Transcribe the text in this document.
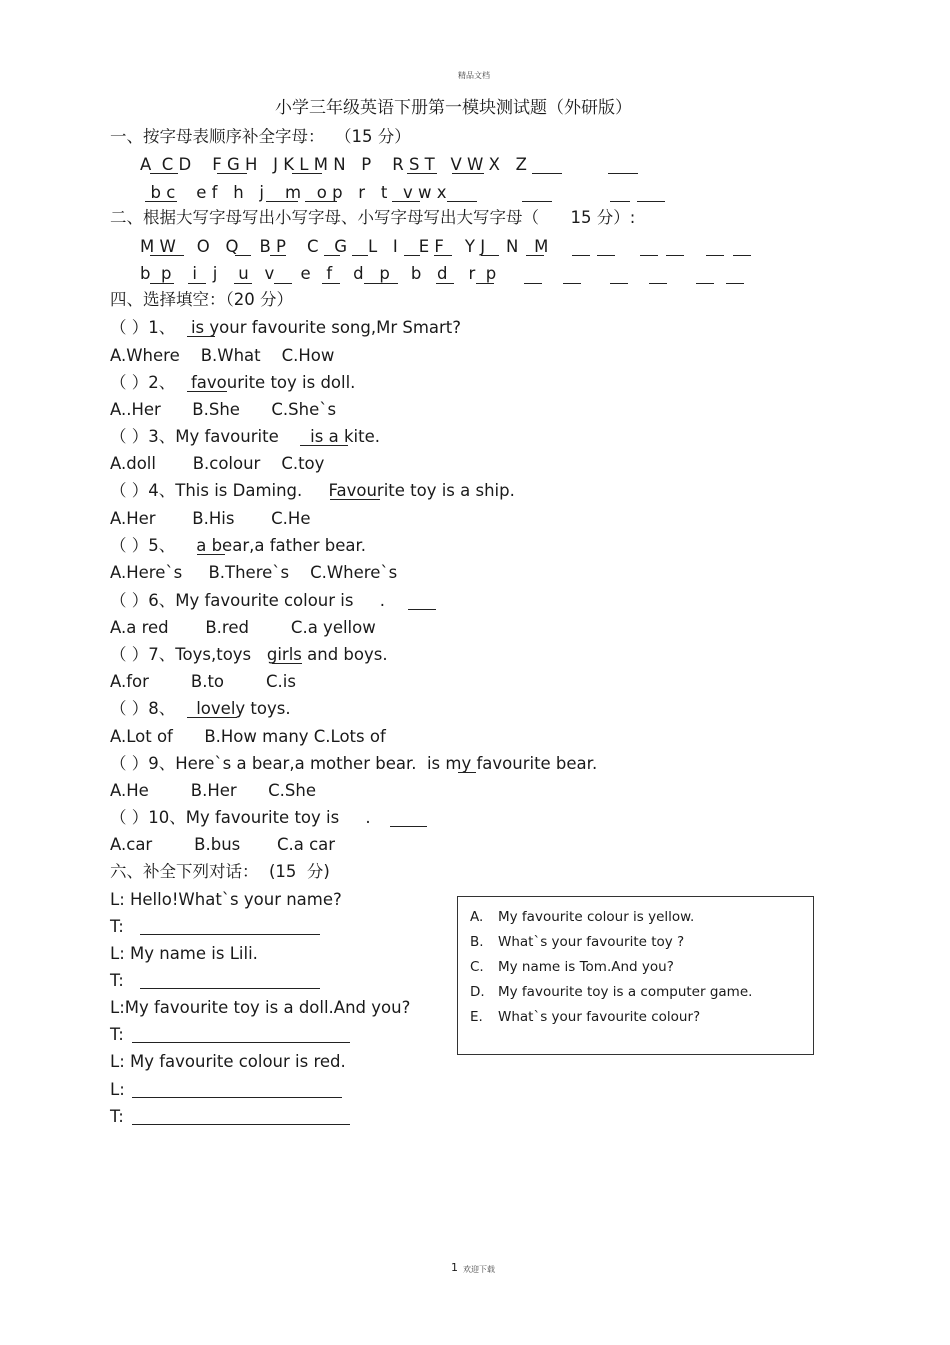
精品文档
小学三年级英语下册第一模块测试题（外研版）
一、按字母表顺序补全字母：  （15 分）
A  C D    F G H   J K L M N   P    R S T   V W X   Z
b c    e f   h   j    m   o p   r   t   v w x
二、根据大写字母写出小写字母、小写字母写出大写字母（      15 分）:
M W    O   Q    B P    C   G    L   I    E F    Y J    N   M
b  p    i   j    u   v     e   f    d   p    b   d    r  p
四、选择填空：（20 分）
（ ）1、   is your favourite song,Mr Smart?
A.Where    B.What    C.How
（ ）2、   favourite toy is doll.
A..Her      B.She      C.She`s
（ ）3、My favourite      is a kite.
A.doll       B.colour    C.toy
（ ）4、This is Daming.     Favourite toy is a ship.
A.Her       B.His       C.He
（ ）5、    a bear,a father bear.
A.Here`s     B.There`s    C.Where`s
（ ）6、My favourite colour is     .
A.a red       B.red        C.a yellow
（ ）7、Toys,toys   girls and boys.
A.for        B.to        C.is
（ ）8、    lovely toys.
A.Lot of      B.How many C.Lots of
（ ）9、Here`s a bear,a mother bear.  is my favourite bear.
A.He        B.Her      C.She
（ ）10、My favourite toy is     .
A.car        B.bus       C.a car
六、补全下列对话：  (15  分)
L: Hello!What`s your name?
T:
L: My name is Lili.
T:
L:My favourite toy is a doll.And you?
T:
L: My favourite colour is red.
L:
T:
A. My favourite colour is yellow.
B. What`s your favourite toy ?
C. My name is Tom.And you?
D. My favourite toy is a computer game.
E. What`s your favourite colour?
1 欢迎下载
